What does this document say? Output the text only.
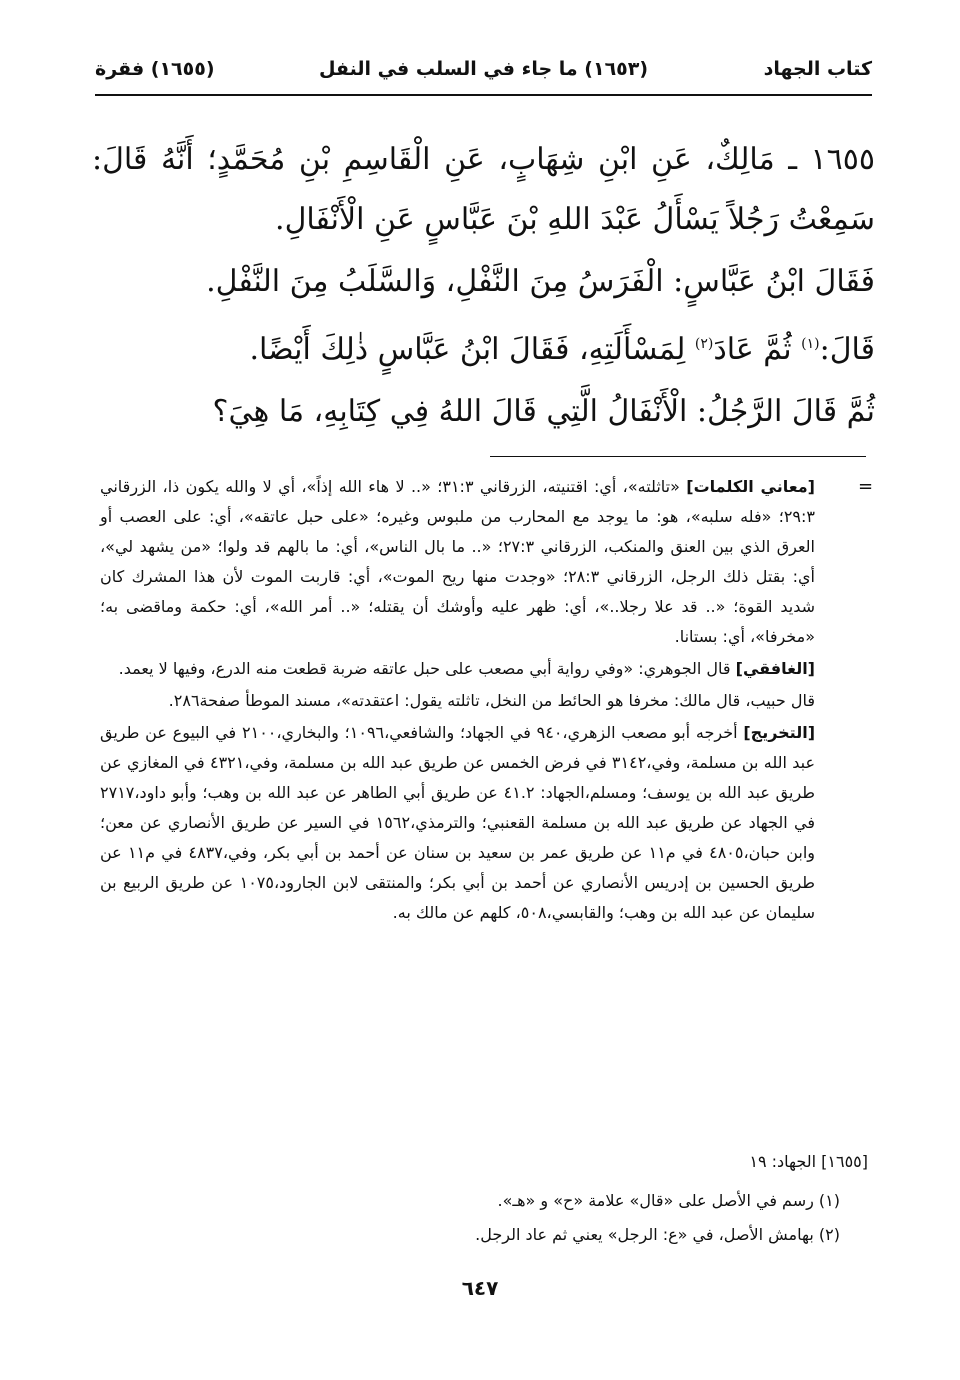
كتاب الجهاد
(١٦٥٣) ما جاء في السلب في النفل
(١٦٥٥) فقرة

١٦٥٥ ـ مَالِكٌ، عَنِ ابْنِ شِهَابٍ، عَنِ الْقَاسِمِ بْنِ مُحَمَّدٍ؛ أَنَّهُ قَالَ: سَمِعْتُ رَجُلاً يَسْأَلُ عَبْدَ اللهِ بْنَ عَبَّاسٍ عَنِ الْأَنْفَالِ.

فَقَالَ ابْنُ عَبَّاسٍ: الْفَرَسُ مِنَ النَّفْلِ، وَالسَّلَبُ مِنَ النَّفْلِ.

قَالَ:$^{(١)}$ ثُمَّ عَادَ$^{(٢)}$ لِمَسْأَلَتِهِ، فَقَالَ ابْنُ عَبَّاسٍ ذٰلِكَ أَيْضًا.

ثُمَّ قَالَ الرَّجُلُ: الْأَنْفَالُ الَّتِي قَالَ اللهُ فِي كِتَابِهِ، مَا هِيَ؟

=

[معاني الكلمات] «تاثلته»، أي: اقتنيته، الزرقاني ٣١:٣؛ «.. لا هاء الله إذاً»، أي لا والله يكون ذا، الزرقاني ٢٩:٣؛ «فله سلبه»، هو: ما يوجد مع المحارب من ملبوس وغيره؛ «على حبل عاتقه»، أي: على العصب أو العرق الذي بين العنق والمنكب، الزرقاني ٢٧:٣؛ «.. ما بال الناس»، أي: ما بالهم قد ولوا؛ «من يشهد لي»، أي: بقتل ذلك الرجل، الزرقاني ٢٨:٣؛ «وجدت منها ريح الموت»، أي: قاربت الموت لأن هذا المشرك كان شديد القوة؛ «.. قد علا رجلا..»، أي: ظهر عليه وأوشك أن يقتله؛ «.. أمر الله»، أي: حكمة وماقضى به؛ «مخرفا»، أي: بستانا.

[الغافقي] قال الجوهري: «وفي رواية أبي مصعب على حبل عاتقه ضربة قطعت منه الدرع، وفيها لا يعمد.

قال حبيب، قال مالك: مخرفا هو الحائط من النخل، تاثلته يقول: اعتقدته»، مسند الموطأ صفحة٢٨٦.

[التخريج] أخرجه أبو مصعب الزهري،٩٤٠ في الجهاد؛ والشافعي،١٠٩٦؛ والبخاري،٢١٠٠ في البيوع عن طريق عبد الله بن مسلمة، وفي،٣١٤٢ في فرض الخمس عن طريق عبد الله بن مسلمة، وفي،٤٣٢١ في المغازي عن طريق عبد الله بن يوسف؛ ومسلم،الجهاد: ٤١.٢ عن طريق أبي الطاهر عن عبد الله بن وهب؛ وأبو داود،٢٧١٧ في الجهاد عن طريق عبد الله بن مسلمة القعنبي؛ والترمذي،١٥٦٢ في السير عن طريق الأنصاري عن معن؛ وابن حبان،٤٨٠٥ في م١١ عن طريق عمر بن سعيد بن سنان عن أحمد بن أبي بكر، وفي،٤٨٣٧ في م١١ عن طريق الحسين بن إدريس الأنصاري عن أحمد بن أبي بكر؛ والمنتقى لابن الجارود،١٠٧٥ عن طريق الربيع بن سليمان عن عبد الله بن وهب؛ والقابسي،٥٠٨، كلهم عن مالك به.

[١٦٥٥] الجهاد: ١٩

(١) رسم في الأصل على «قال» علامة «ح» و «هـ».

(٢) بهامش الأصل، في «ع: الرجل» يعني ثم عاد الرجل.

٦٤٧
